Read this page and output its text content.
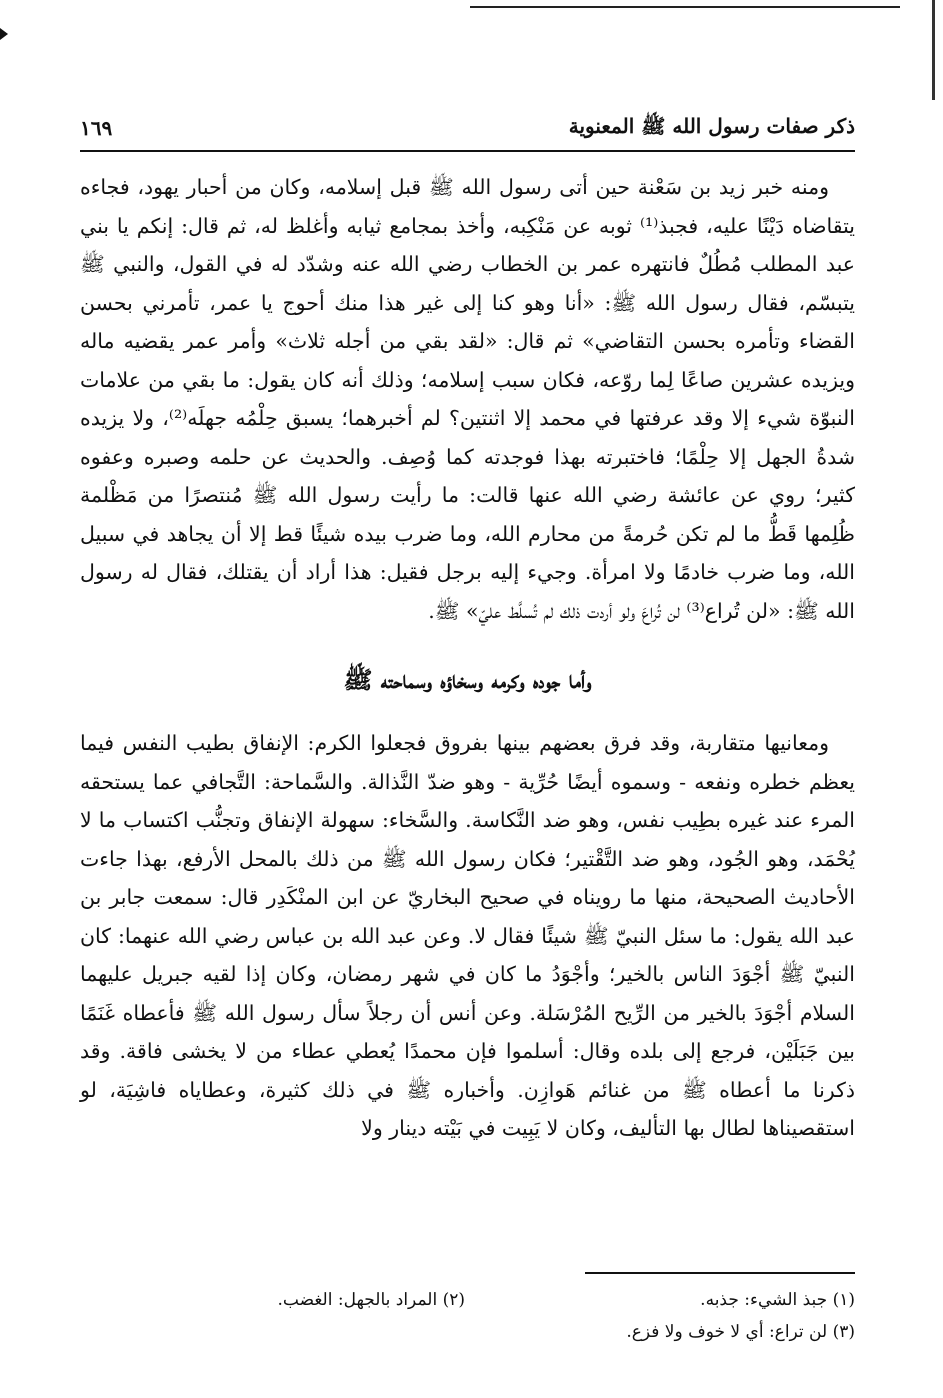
ذكر صفات رسول الله ﷺ المعنوية
١٦٩

ومنه خبر زيد بن سَعْنة حين أتى رسول الله ﷺ قبل إسلامه، وكان من أحبار يهود، فجاءه يتقاضاه دَيْنًا عليه، فجبذ⁽¹⁾ ثوبه عن مَنْكِبه، وأخذ بمجامع ثيابه وأغلظ له، ثم قال: إنكم يا بني عبد المطلب مُطُلٌ فانتهره عمر بن الخطاب رضي الله عنه وشدّد له في القول، والنبي ﷺ يتبسّم، فقال رسول الله ﷺ: «أنا وهو كنا إلى غير هذا منك أحوج يا عمر، تأمرني بحسن القضاء وتأمره بحسن التقاضي» ثم قال: «لقد بقي من أجله ثلاث» وأمر عمر يقضيه ماله ويزيده عشرين صاعًا لِما روّعه، فكان سبب إسلامه؛ وذلك أنه كان يقول: ما بقي من علامات النبوّة شيء إلا وقد عرفتها في محمد إلا اثنتين؟ لم أخبرهما؛ يسبق حِلْمُه جهلَه⁽²⁾، ولا يزيده شدةُ الجهل إلا حِلْمًا؛ فاختبرته بهذا فوجدته كما وُصِف. والحديث عن حلمه وصبره وعفوه كثير؛ روي عن عائشة رضي الله عنها قالت: ما رأيت رسول الله ﷺ مُنتصرًا من مَظْلمة ظُلِمها قَطُّ ما لم تكن حُرمةً من محارم الله، وما ضرب بيده شيئًا قط إلا أن يجاهد في سبيل الله، وما ضرب خادمًا ولا امرأة. وجيء إليه برجل فقيل: هذا أراد أن يقتلك، فقال له رسول الله ﷺ: «لن تُراع⁽³⁾ لن تُراعَ ولو أردت ذلك لم تُسلَّط عليّ» ﷺ.

وأما جوده وكرمه وسخاؤه وسماحته ﷺ

ومعانيها متقاربة، وقد فرق بعضهم بينها بفروق فجعلوا الكرم: الإنفاق بطيب النفس فيما يعظم خطره ونفعه - وسموه أيضًا حُرِّية - وهو ضدّ النَّذالة. والسَّماحة: التَّجافي عما يستحقه المرء عند غيره بطِيب نفس، وهو ضد النَّكاسة. والسَّخاء: سهولة الإنفاق وتجنُّب اكتساب ما لا يُحْمَد، وهو الجُود، وهو ضد التَّقْتير؛ فكان رسول الله ﷺ من ذلك بالمحل الأرفع، بهذا جاءت الأحاديث الصحيحة، منها ما رويناه في صحيح البخاريّ عن ابن المنْكَدِر قال: سمعت جابر بن عبد الله يقول: ما سئل النبيّ ﷺ شيئًا فقال لا. وعن عبد الله بن عباس رضي الله عنهما: كان النبيّ ﷺ أجْوَدَ الناس بالخير؛ وأجْوَدُ ما كان في شهر رمضان، وكان إذا لقيه جبريل عليهما السلام أجْوَدَ بالخير من الرِّيح المُرْسَلة. وعن أنس أن رجلاً سأل رسول الله ﷺ فأعطاه غَنَمًا بين جَبَلَيْن، فرجع إلى بلده وقال: أسلموا فإن محمدًا يُعطي عطاء من لا يخشى فاقة. وقد ذكرنا ما أعطاه ﷺ من غنائم هَوازِن. وأخباره ﷺ في ذلك كثيرة، وعطاياه فاشِيَة، لو استقصيناها لطال بها التأليف، وكان لا يَبِيت في بَيْته دينار ولا

(١) جبذ الشيء: جذبه.
(٢) المراد بالجهل: الغضب.
(٣) لن تراع: أي لا خوف ولا فزع.
